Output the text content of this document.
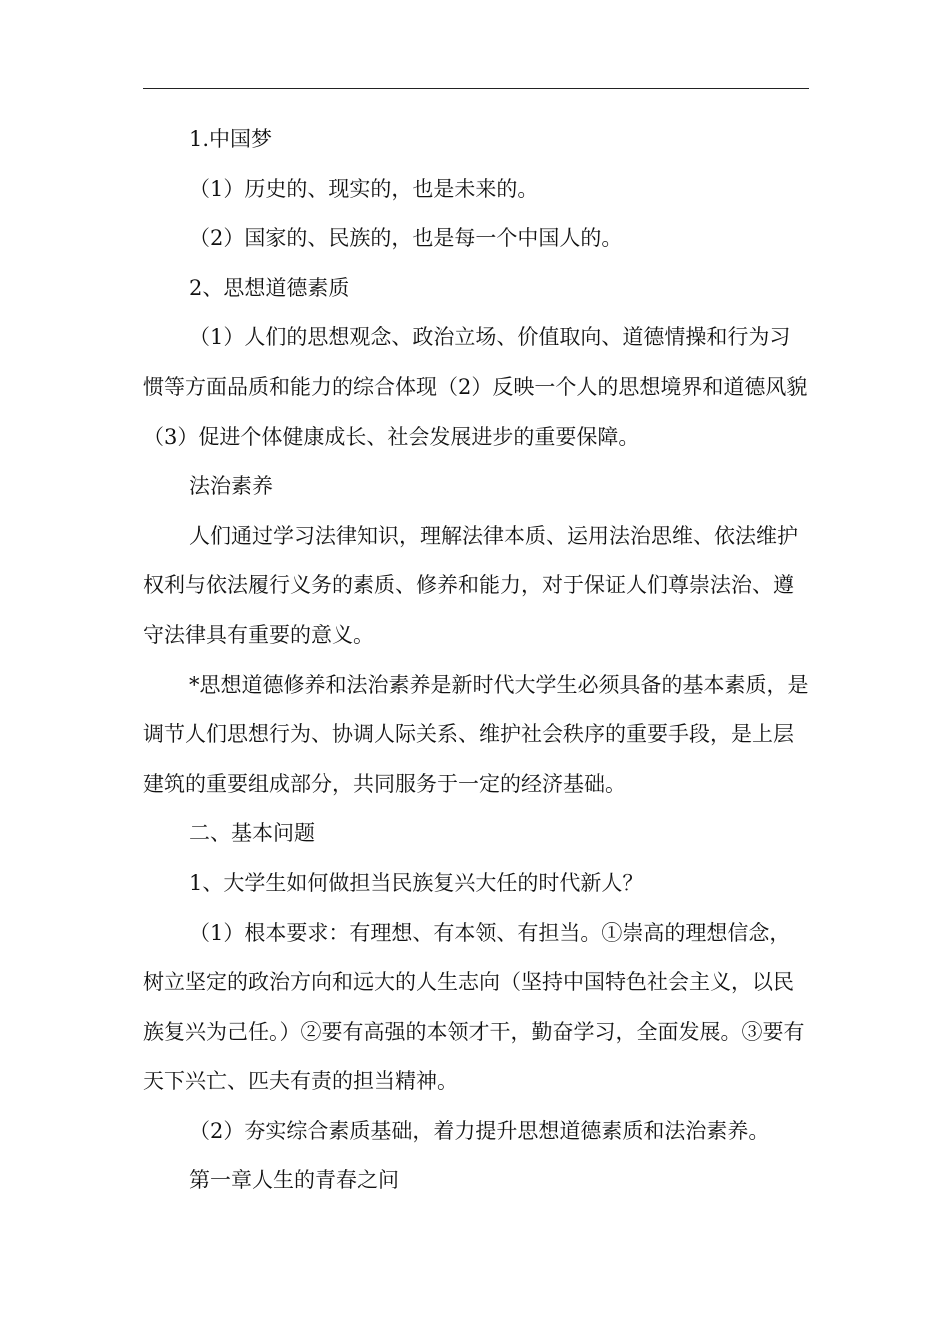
1.中国梦

（1）历史的、现实的，也是未来的。

（2）国家的、民族的，也是每一个中国人的。

2、思想道德素质

（1）人们的思想观念、政治立场、价值取向、道德情操和行为习惯等方面品质和能力的综合体现（2）反映一个人的思想境界和道德风貌（3）促进个体健康成长、社会发展进步的重要保障。

法治素养

人们通过学习法律知识，理解法律本质、运用法治思维、依法维护权利与依法履行义务的素质、修养和能力，对于保证人们尊崇法治、遵守法律具有重要的意义。

*思想道德修养和法治素养是新时代大学生必须具备的基本素质，是调节人们思想行为、协调人际关系、维护社会秩序的重要手段，是上层建筑的重要组成部分，共同服务于一定的经济基础。

二、基本问题

1、大学生如何做担当民族复兴大任的时代新人？

（1）根本要求：有理想、有本领、有担当。①崇高的理想信念，树立坚定的政治方向和远大的人生志向（坚持中国特色社会主义，以民族复兴为己任。）②要有高强的本领才干，勤奋学习，全面发展。③要有天下兴亡、匹夫有责的担当精神。

（2）夯实综合素质基础，着力提升思想道德素质和法治素养。

第一章人生的青春之问
